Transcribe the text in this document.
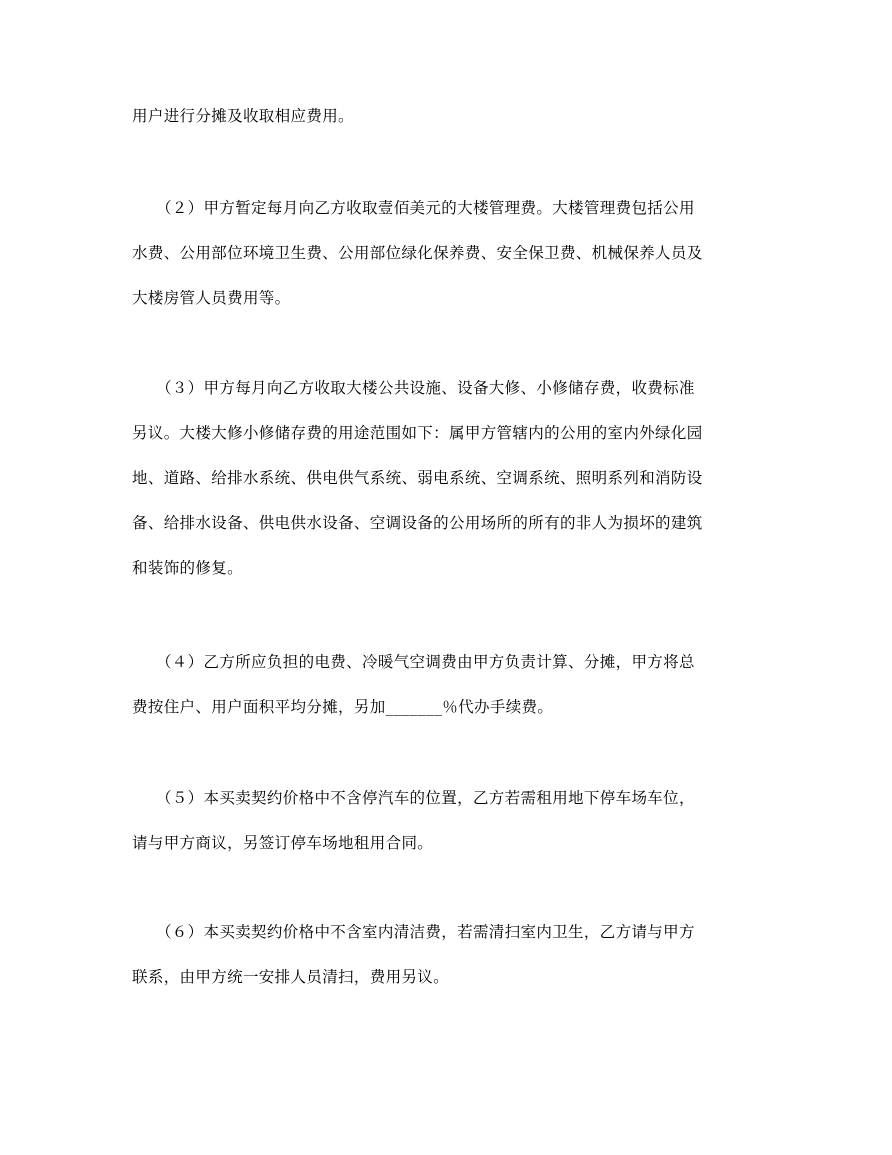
用户进行分摊及收取相应费用。

　　（２）甲方暂定每月向乙方收取壹佰美元的大楼管理费。大楼管理费包括公用
水费、公用部位环境卫生费、公用部位绿化保养费、安全保卫费、机械保养人员及
大楼房管人员费用等。

　　（３）甲方每月向乙方收取大楼公共设施、设备大修、小修储存费，收费标准
另议。大楼大修小修储存费的用途范围如下：属甲方管辖内的公用的室内外绿化园
地、道路、给排水系统、供电供气系统、弱电系统、空调系统、照明系列和消防设
备、给排水设备、供电供水设备、空调设备的公用场所的所有的非人为损坏的建筑
和装饰的修复。

　　（４）乙方所应负担的电费、冷暖气空调费由甲方负责计算、分摊，甲方将总
费按住户、用户面积平均分摊，另加_______％代办手续费。

　　（５）本买卖契约价格中不含停汽车的位置，乙方若需租用地下停车场车位，
请与甲方商议，另签订停车场地租用合同。

　　（６）本买卖契约价格中不含室内清洁费，若需清扫室内卫生，乙方请与甲方
联系，由甲方统一安排人员清扫，费用另议。
